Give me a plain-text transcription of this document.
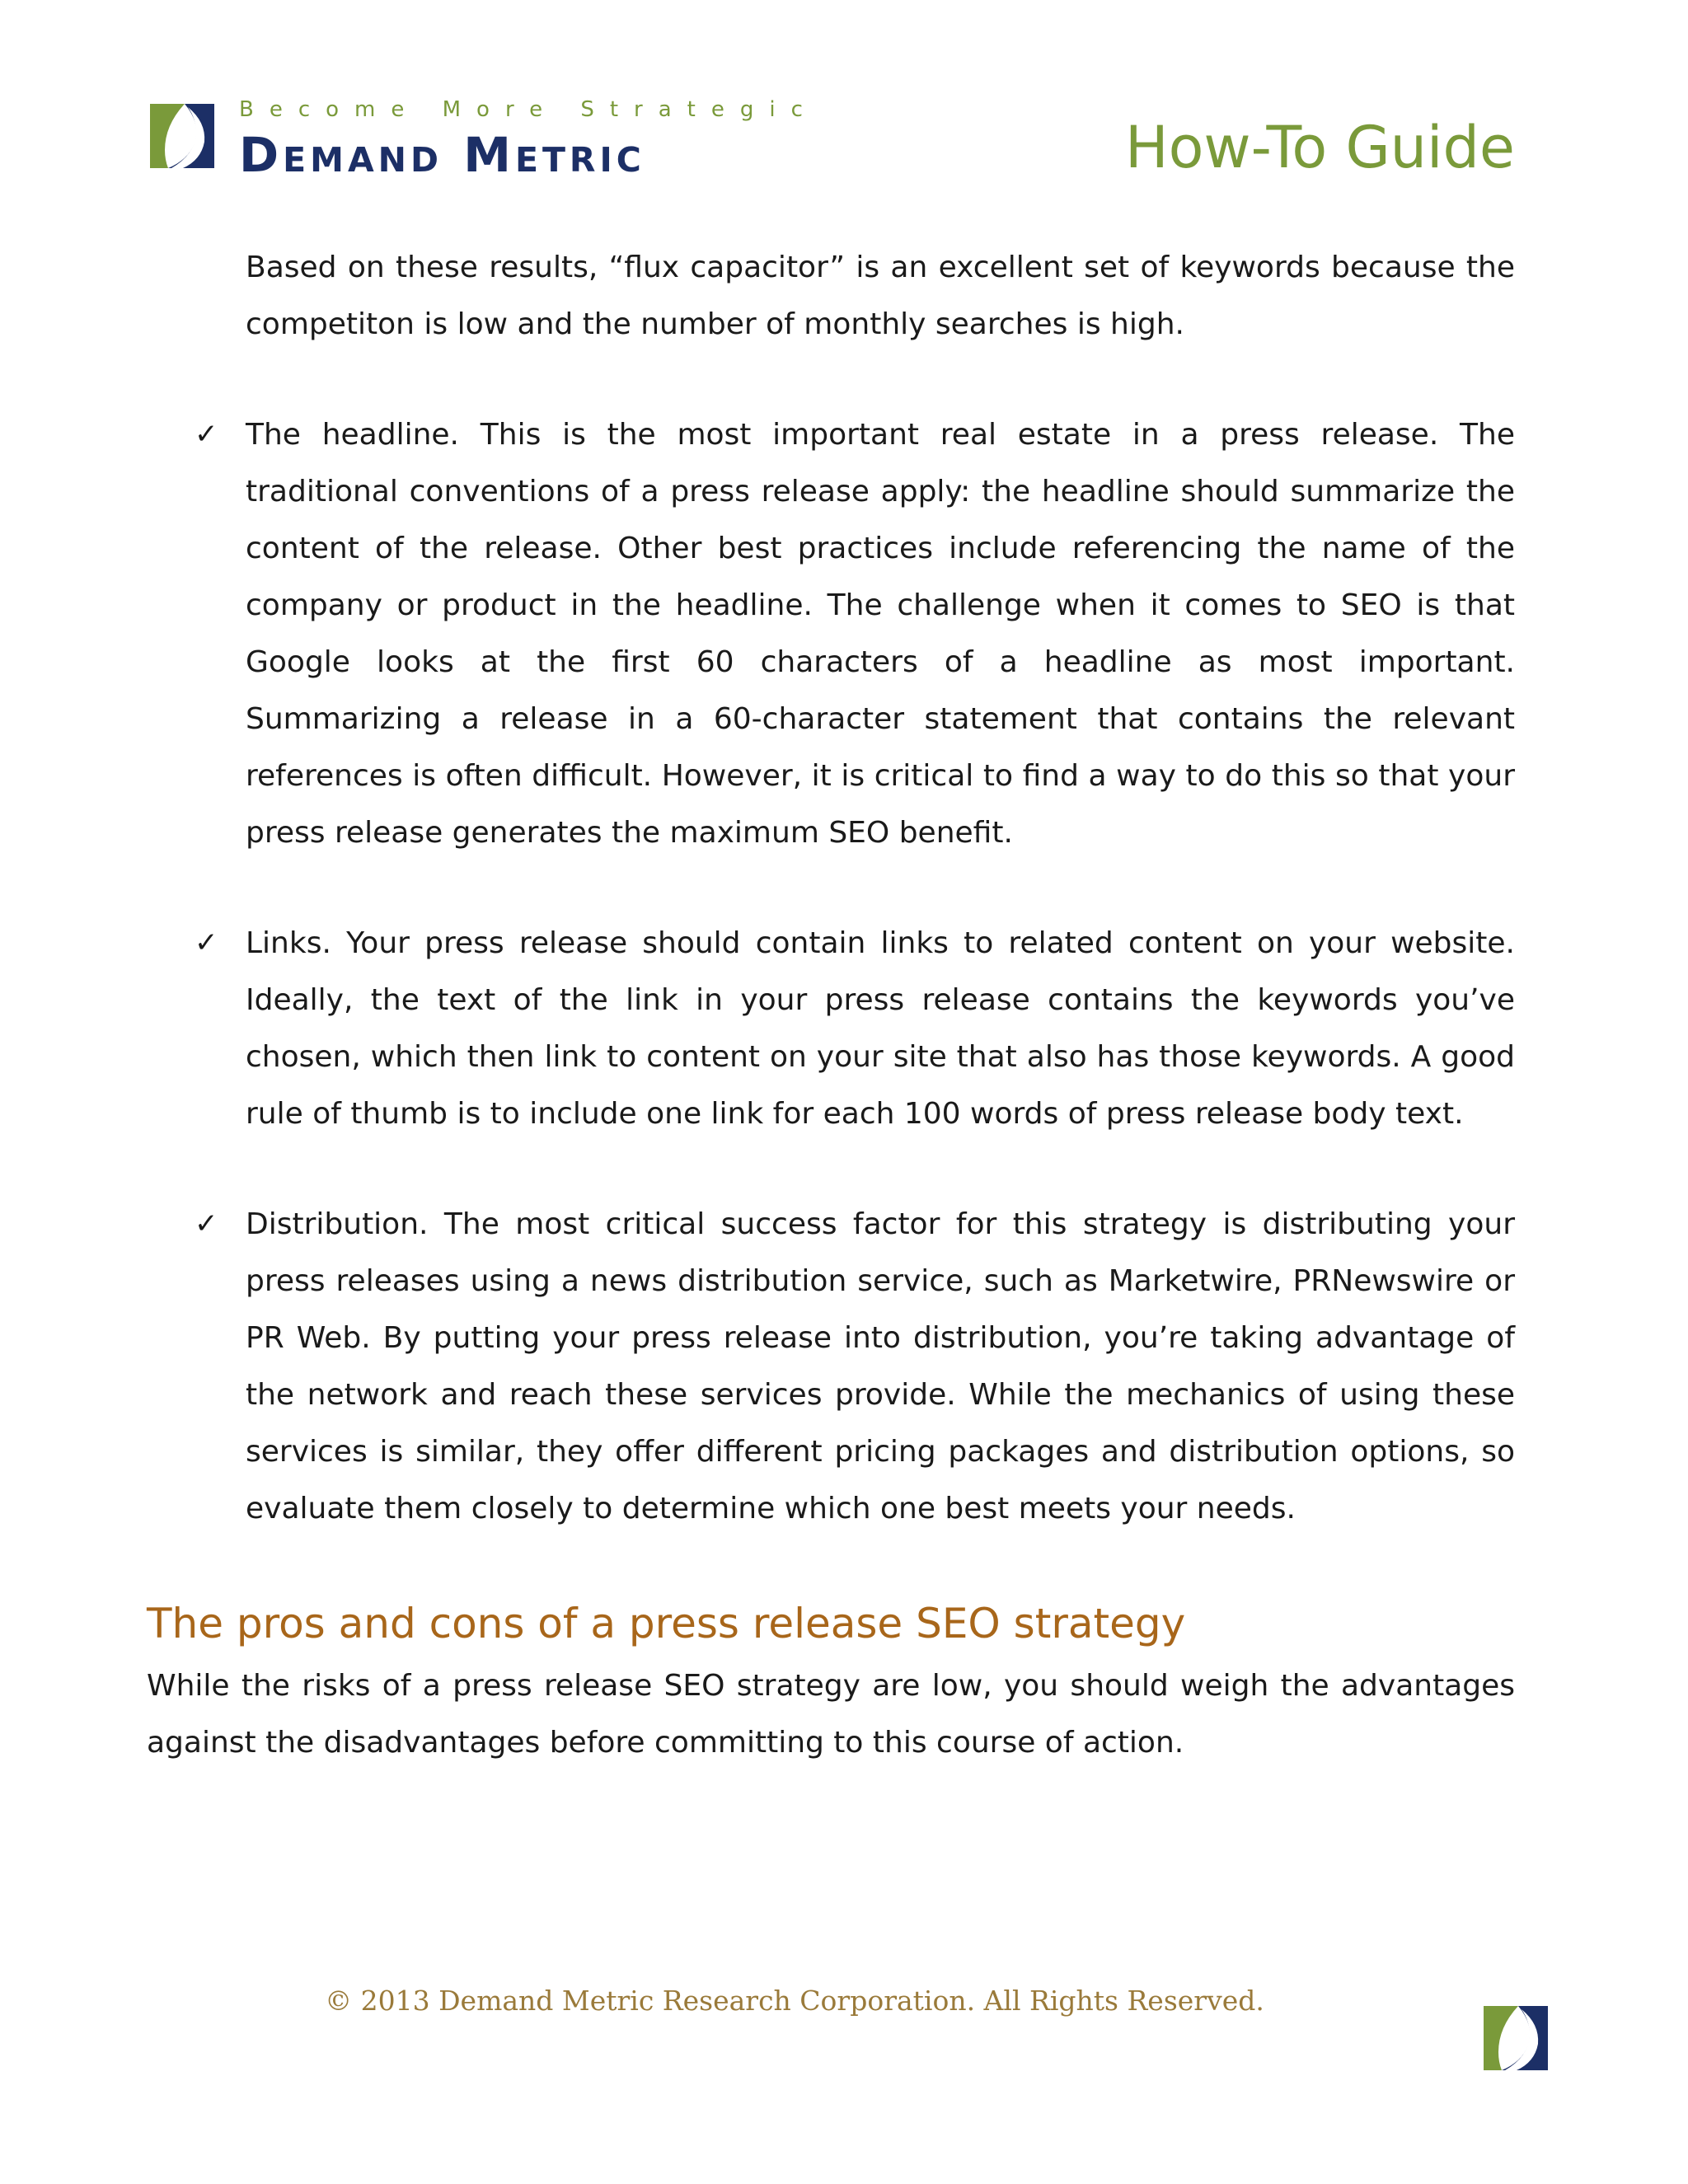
Become More Strategic
Demand Metric	How-To Guide

Based on these results, “flux capacitor” is an excellent set of keywords because the competiton is low and the number of monthly searches is high.

✓ The headline. This is the most important real estate in a press release. The traditional conventions of a press release apply: the headline should summarize the content of the release. Other best practices include referencing the name of the company or product in the headline. The challenge when it comes to SEO is that Google looks at the first 60 characters of a headline as most important. Summarizing a release in a 60-character statement that contains the relevant references is often difficult. However, it is critical to find a way to do this so that your press release generates the maximum SEO benefit.

✓ Links. Your press release should contain links to related content on your website. Ideally, the text of the link in your press release contains the keywords you’ve chosen, which then link to content on your site that also has those keywords. A good rule of thumb is to include one link for each 100 words of press release body text.

✓ Distribution. The most critical success factor for this strategy is distributing your press releases using a news distribution service, such as Marketwire, PRNewswire or PR Web. By putting your press release into distribution, you’re taking advantage of the network and reach these services provide. While the mechanics of using these services is similar, they offer different pricing packages and distribution options, so evaluate them closely to determine which one best meets your needs.

The pros and cons of a press release SEO strategy

While the risks of a press release SEO strategy are low, you should weigh the advantages against the disadvantages before committing to this course of action.

© 2013 Demand Metric Research Corporation. All Rights Reserved.
